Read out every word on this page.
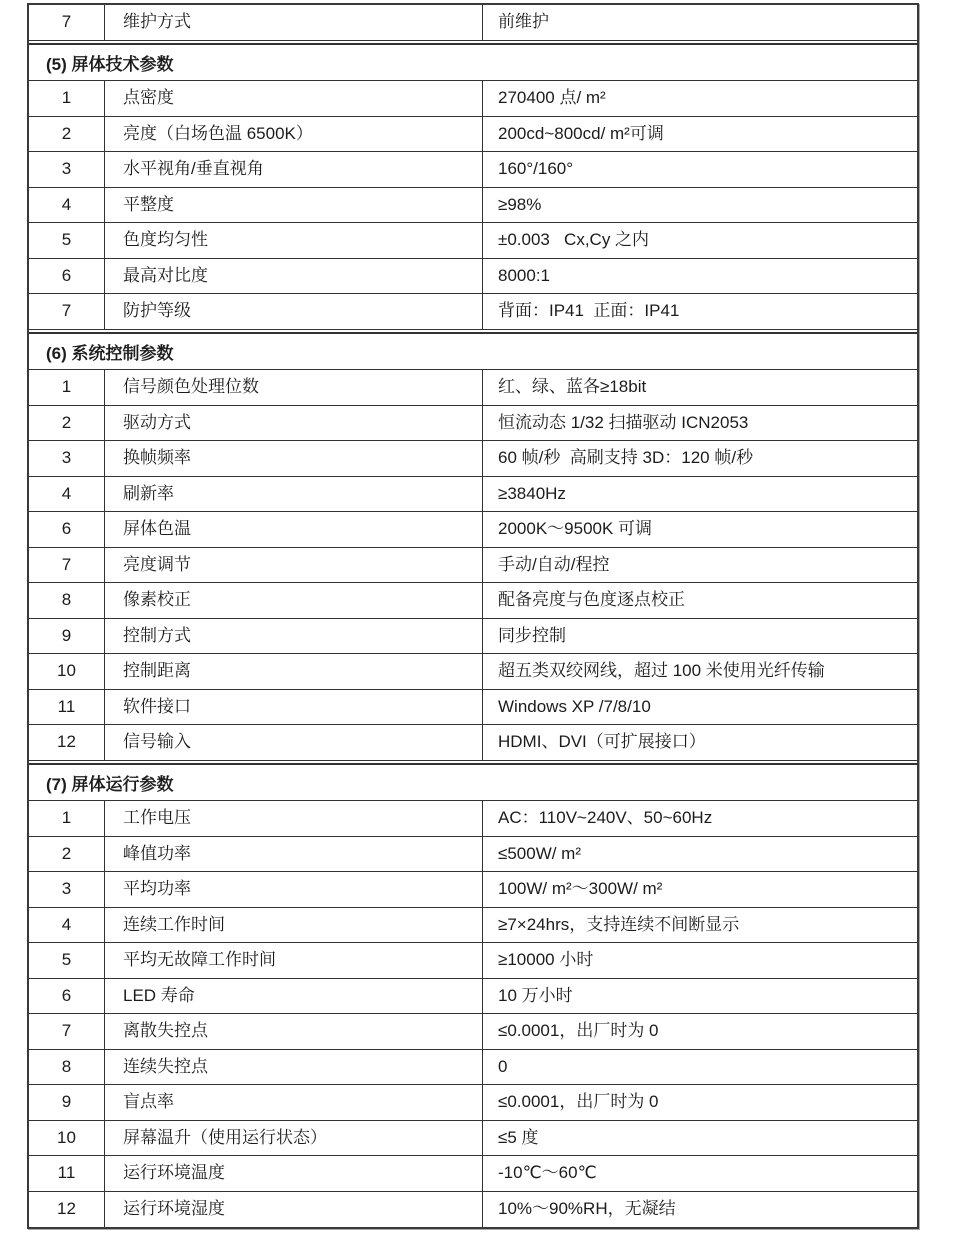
7	维护方式	前维护
(5) 屏体技术参数
1	点密度	270400 点/ m²
2	亮度（白场色温 6500K）	200cd~800cd/ m²可调
3	水平视角/垂直视角	160°/160°
4	平整度	≥98%
5	色度均匀性	±0.003   Cx,Cy 之内
6	最高对比度	8000:1
7	防护等级	背面：IP41  正面：IP41
(6) 系统控制参数
1	信号颜色处理位数	红、绿、蓝各≥18bit
2	驱动方式	恒流动态 1/32 扫描驱动 ICN2053
3	换帧频率	60 帧/秒  高刷支持 3D：120 帧/秒
4	刷新率	≥3840Hz
6	屏体色温	2000K～9500K 可调
7	亮度调节	手动/自动/程控
8	像素校正	配备亮度与色度逐点校正
9	控制方式	同步控制
10	控制距离	超五类双绞网线，超过 100 米使用光纤传输
11	软件接口	Windows XP /7/8/10
12	信号输入	HDMI、DVI（可扩展接口）
(7) 屏体运行参数
1	工作电压	AC：110V~240V、50~60Hz
2	峰值功率	≤500W/ m²
3	平均功率	100W/ m²～300W/ m²
4	连续工作时间	≥7×24hrs，支持连续不间断显示
5	平均无故障工作时间	≥10000 小时
6	LED 寿命	10 万小时
7	离散失控点	≤0.0001，出厂时为 0
8	连续失控点	0
9	盲点率	≤0.0001，出厂时为 0
10	屏幕温升（使用运行状态）	≤5 度
11	运行环境温度	-10℃～60℃
12	运行环境湿度	10%～90%RH，无凝结
